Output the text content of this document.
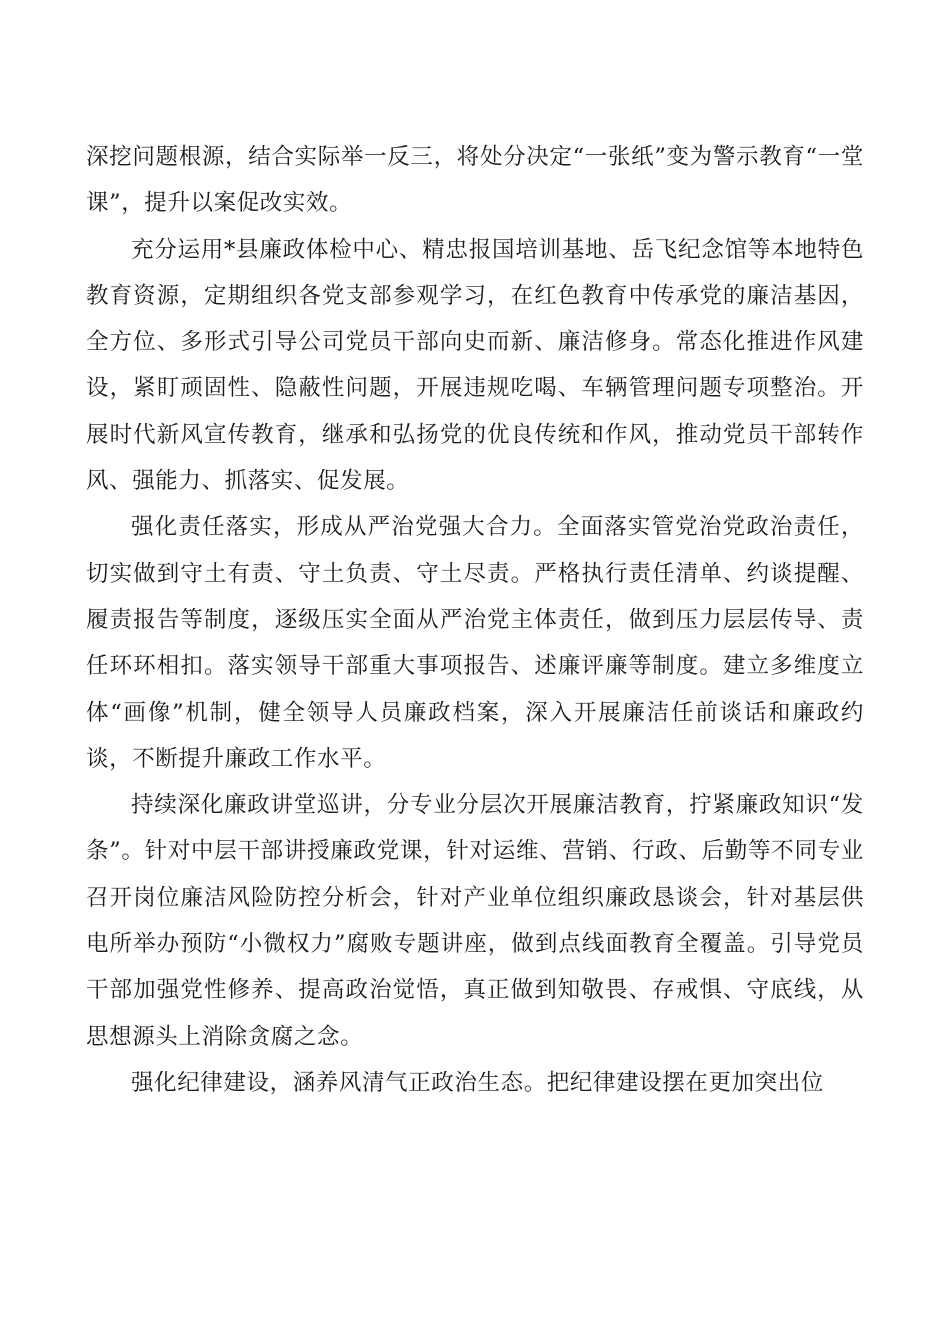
深挖问题根源，结合实际举一反三，将处分决定“一张纸”变为警示教育“一堂课”，提升以案促改实效。

充分运用*县廉政体检中心、精忠报国培训基地、岳飞纪念馆等本地特色教育资源，定期组织各党支部参观学习，在红色教育中传承党的廉洁基因，全方位、多形式引导公司党员干部向史而新、廉洁修身。常态化推进作风建设，紧盯顽固性、隐蔽性问题，开展违规吃喝、车辆管理问题专项整治。开展时代新风宣传教育，继承和弘扬党的优良传统和作风，推动党员干部转作风、强能力、抓落实、促发展。

强化责任落实，形成从严治党强大合力。全面落实管党治党政治责任，切实做到守土有责、守土负责、守土尽责。严格执行责任清单、约谈提醒、履责报告等制度，逐级压实全面从严治党主体责任，做到压力层层传导、责任环环相扣。落实领导干部重大事项报告、述廉评廉等制度。建立多维度立体“画像”机制，健全领导人员廉政档案，深入开展廉洁任前谈话和廉政约谈，不断提升廉政工作水平。

持续深化廉政讲堂巡讲，分专业分层次开展廉洁教育，拧紧廉政知识“发条”。针对中层干部讲授廉政党课，针对运维、营销、行政、后勤等不同专业召开岗位廉洁风险防控分析会，针对产业单位组织廉政恳谈会，针对基层供电所举办预防“小微权力”腐败专题讲座，做到点线面教育全覆盖。引导党员干部加强党性修养、提高政治觉悟，真正做到知敬畏、存戒惧、守底线，从思想源头上消除贪腐之念。

强化纪律建设，涵养风清气正政治生态。把纪律建设摆在更加突出位
